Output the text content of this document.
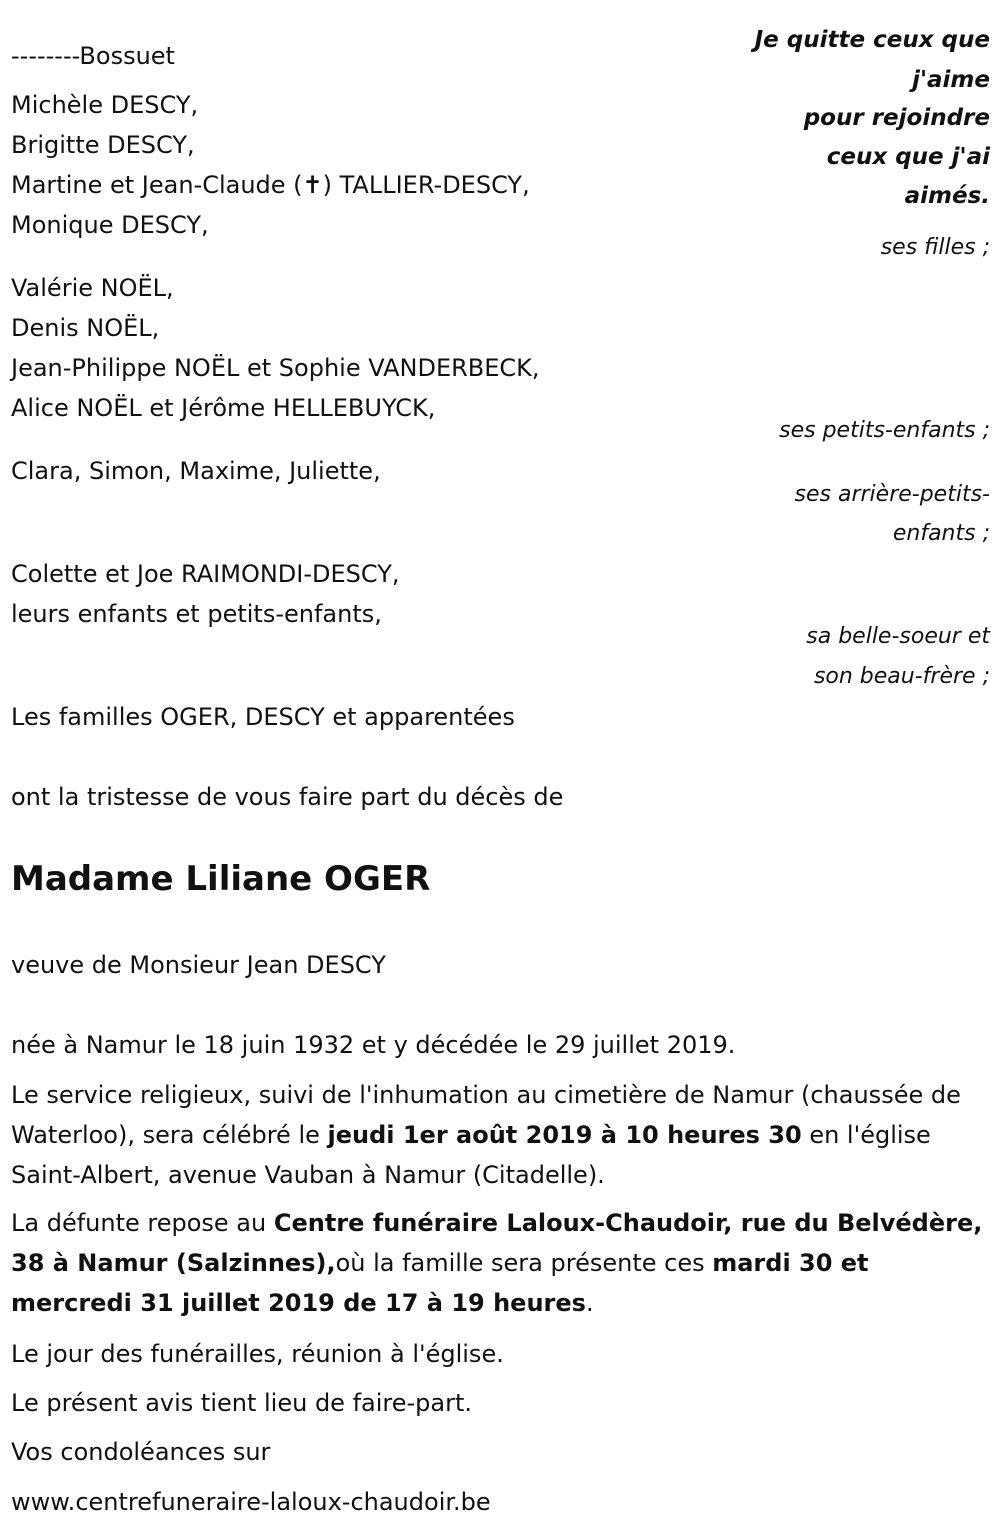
--------Bossuet
Je quitte ceux que
j'aime
pour rejoindre
ceux que j'ai
aimés.
Michèle DESCY,
Brigitte DESCY,
Martine et Jean-Claude (✝) TALLIER-DESCY,
Monique DESCY,
ses filles ;
Valérie NOËL,
Denis NOËL,
Jean-Philippe NOËL et Sophie VANDERBECK,
Alice NOËL et Jérôme HELLEBUYCK,
ses petits-enfants ;
Clara, Simon, Maxime, Juliette,
ses arrière-petits-
enfants ;
Colette et Joe RAIMONDI-DESCY,
leurs enfants et petits-enfants,
sa belle-soeur et
son beau-frère ;
Les familles OGER, DESCY et apparentées
ont la tristesse de vous faire part du décès de
Madame Liliane OGER
veuve de Monsieur Jean DESCY
née à Namur le 18 juin 1932 et y décédée le 29 juillet 2019.
Le service religieux, suivi de l'inhumation au cimetière de Namur (chaussée de Waterloo), sera célébré le jeudi 1er août 2019 à 10 heures 30 en l'église Saint-Albert, avenue Vauban à Namur (Citadelle).
La défunte repose au Centre funéraire Laloux-Chaudoir, rue du Belvédère, 38 à Namur (Salzinnes),où la famille sera présente ces mardi 30 et mercredi 31 juillet 2019 de 17 à 19 heures.
Le jour des funérailles, réunion à l'église.
Le présent avis tient lieu de faire-part.
Vos condoléances sur
www.centrefuneraire-laloux-chaudoir.be
